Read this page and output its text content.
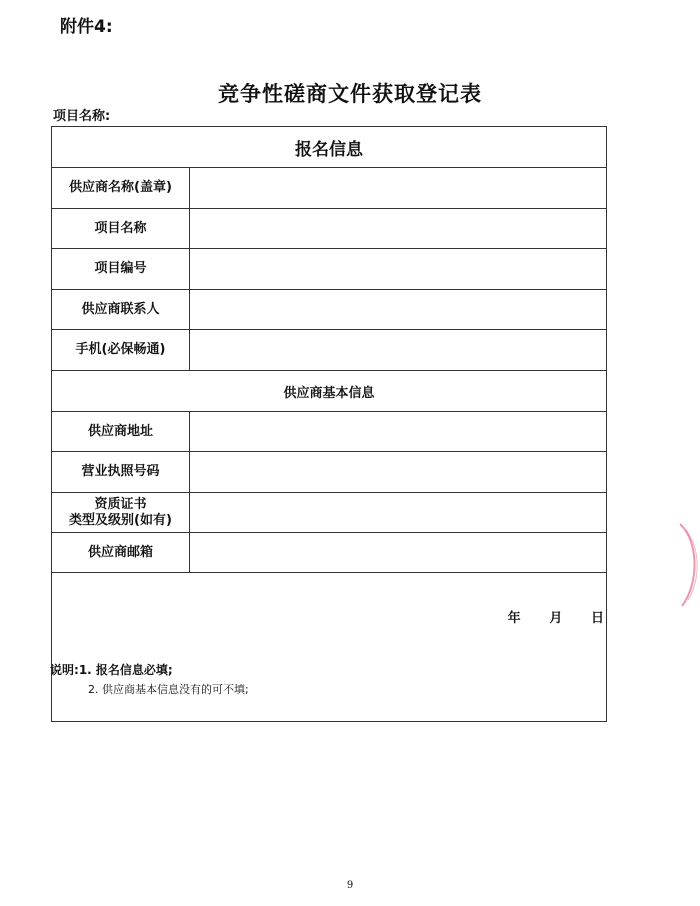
附件4:
竞争性磋商文件获取登记表
项目名称:
报名信息
供应商名称(盖章)
项目名称
项目编号
供应商联系人
手机(必保畅通)
供应商基本信息
供应商地址
营业执照号码
资质证书
类型及级别(如有)
供应商邮箱
年 月 日
说明:1. 报名信息必填;
2. 供应商基本信息没有的可不填;
9
